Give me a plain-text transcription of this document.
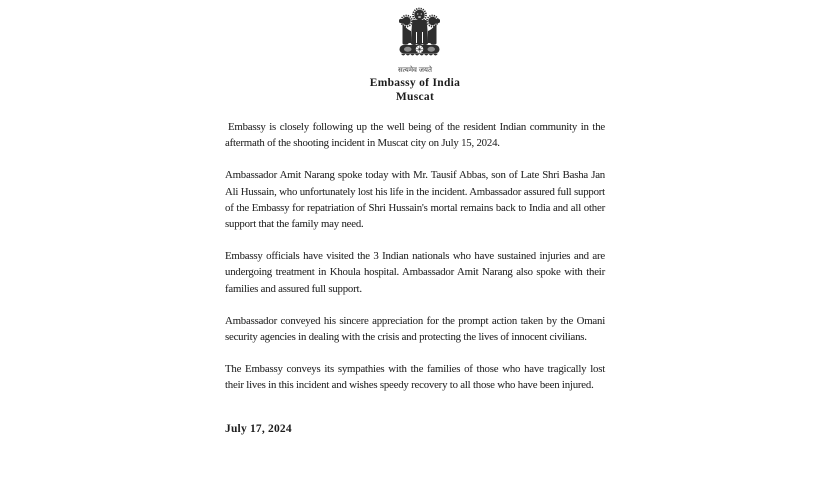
सत्यमेव जयते
Embassy of India
Muscat

Embassy is closely following up the well being of the resident Indian community in the aftermath of the shooting incident in Muscat city on July 15, 2024.

Ambassador Amit Narang spoke today with Mr. Tausif Abbas, son of Late Shri Basha Jan Ali Hussain, who unfortunately lost his life in the incident. Ambassador assured full support of the Embassy for repatriation of Shri Hussain's mortal remains back to India and all other support that the family may need.

Embassy officials have visited the 3 Indian nationals who have sustained injuries and are undergoing treatment in Khoula hospital. Ambassador Amit Narang also spoke with their families and assured full support.

Ambassador conveyed his sincere appreciation for the prompt action taken by the Omani security agencies in dealing with the crisis and protecting the lives of innocent civilians.

The Embassy conveys its sympathies with the families of those who have tragically lost their lives in this incident and wishes speedy recovery to all those who have been injured.

July 17, 2024
